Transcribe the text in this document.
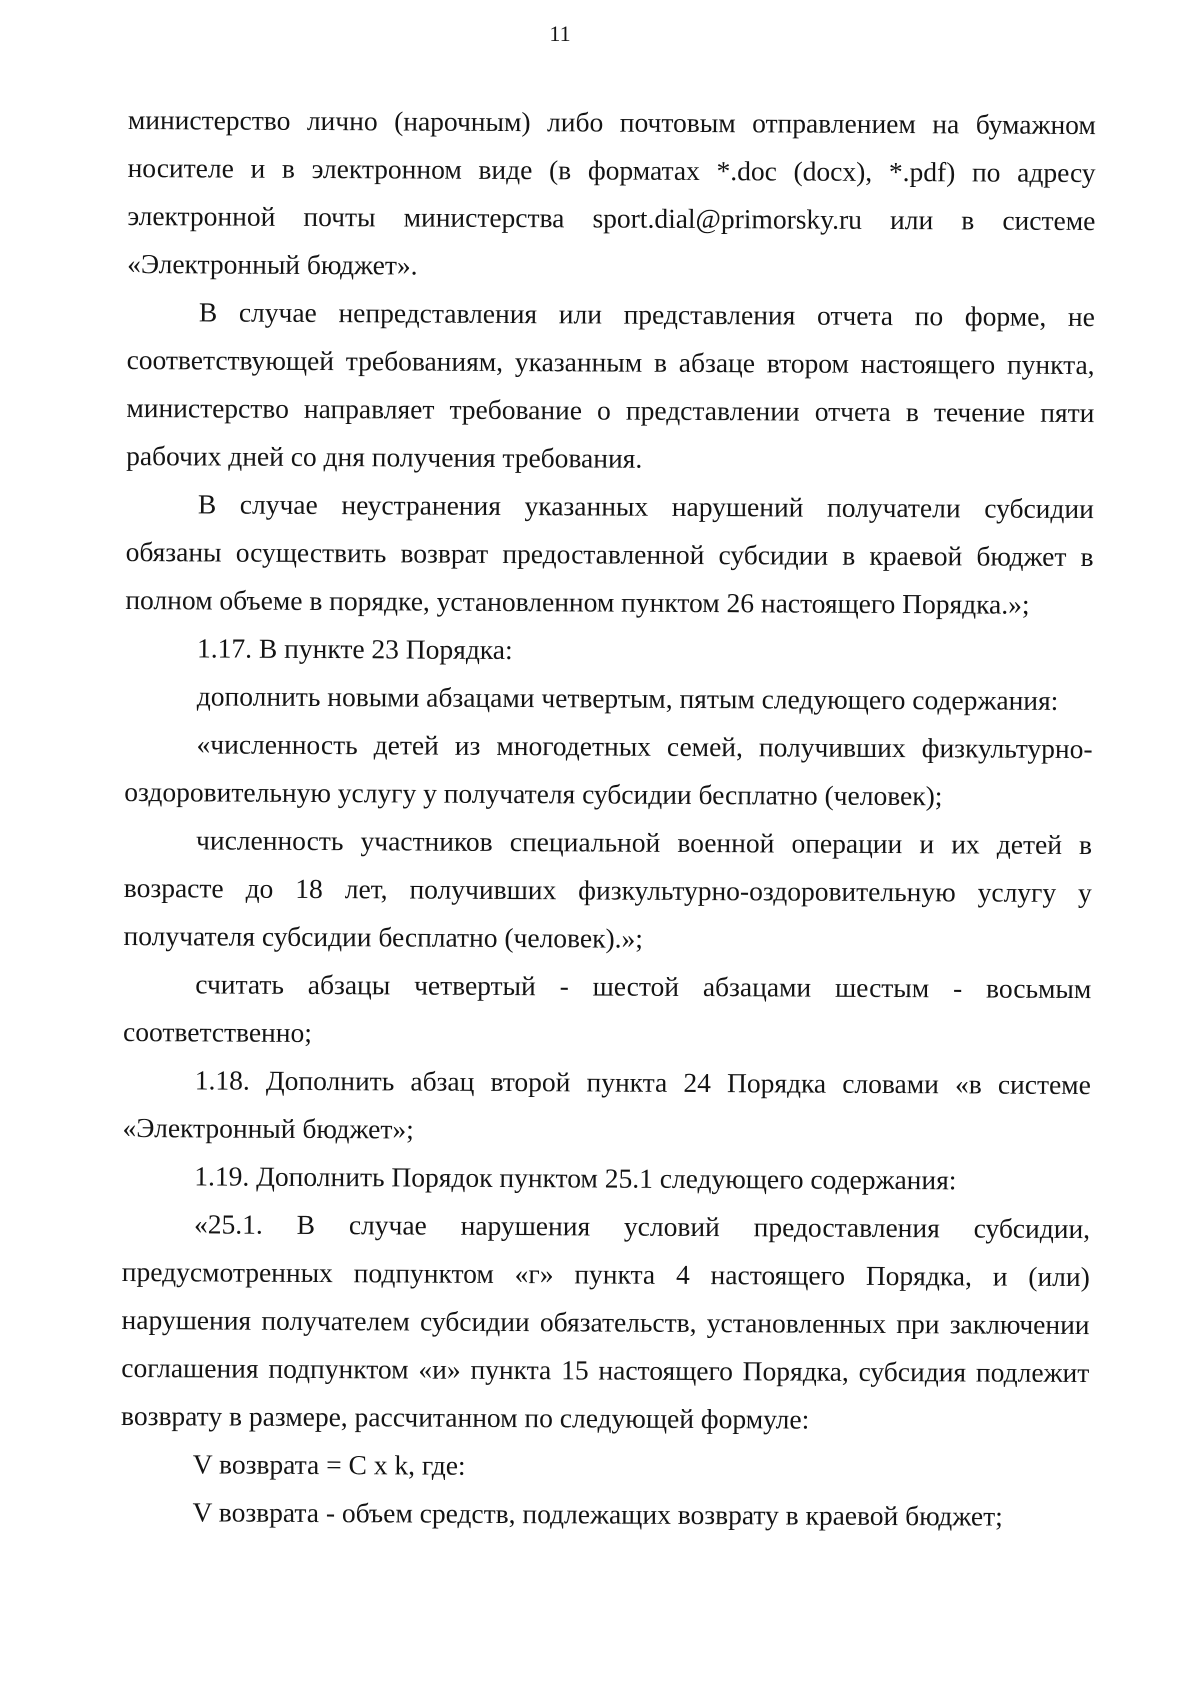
11

министерство лично (нарочным) либо почтовым отправлением на бумажном носителе и в электронном виде (в форматах *.doc (docx), *.pdf) по адресу электронной почты министерства sport.dial@primorsky.ru или в системе «Электронный бюджет».

В случае непредставления или представления отчета по форме, не соответствующей требованиям, указанным в абзаце втором настоящего пункта, министерство направляет требование о представлении отчета в течение пяти рабочих дней со дня получения требования.

В случае неустранения указанных нарушений получатели субсидии обязаны осуществить возврат предоставленной субсидии в краевой бюджет в полном объеме в порядке, установленном пунктом 26 настоящего Порядка.»;

1.17. В пункте 23 Порядка:

дополнить новыми абзацами четвертым, пятым следующего содержания:

«численность детей из многодетных семей, получивших физкультурно-оздоровительную услугу у получателя субсидии бесплатно (человек);

численность участников специальной военной операции и их детей в возрасте до 18 лет, получивших физкультурно-оздоровительную услугу у получателя субсидии бесплатно (человек).»;

считать абзацы четвертый - шестой абзацами шестым - восьмым соответственно;

1.18. Дополнить абзац второй пункта 24 Порядка словами «в системе «Электронный бюджет»;

1.19. Дополнить Порядок пунктом 25.1 следующего содержания:

«25.1. В случае нарушения условий предоставления субсидии, предусмотренных подпунктом «г» пункта 4 настоящего Порядка, и (или) нарушения получателем субсидии обязательств, установленных при заключении соглашения подпунктом «и» пункта 15 настоящего Порядка, субсидия подлежит возврату в размере, рассчитанном по следующей формуле:

V возврата = C x k, где:

V возврата - объем средств, подлежащих возврату в краевой бюджет;
